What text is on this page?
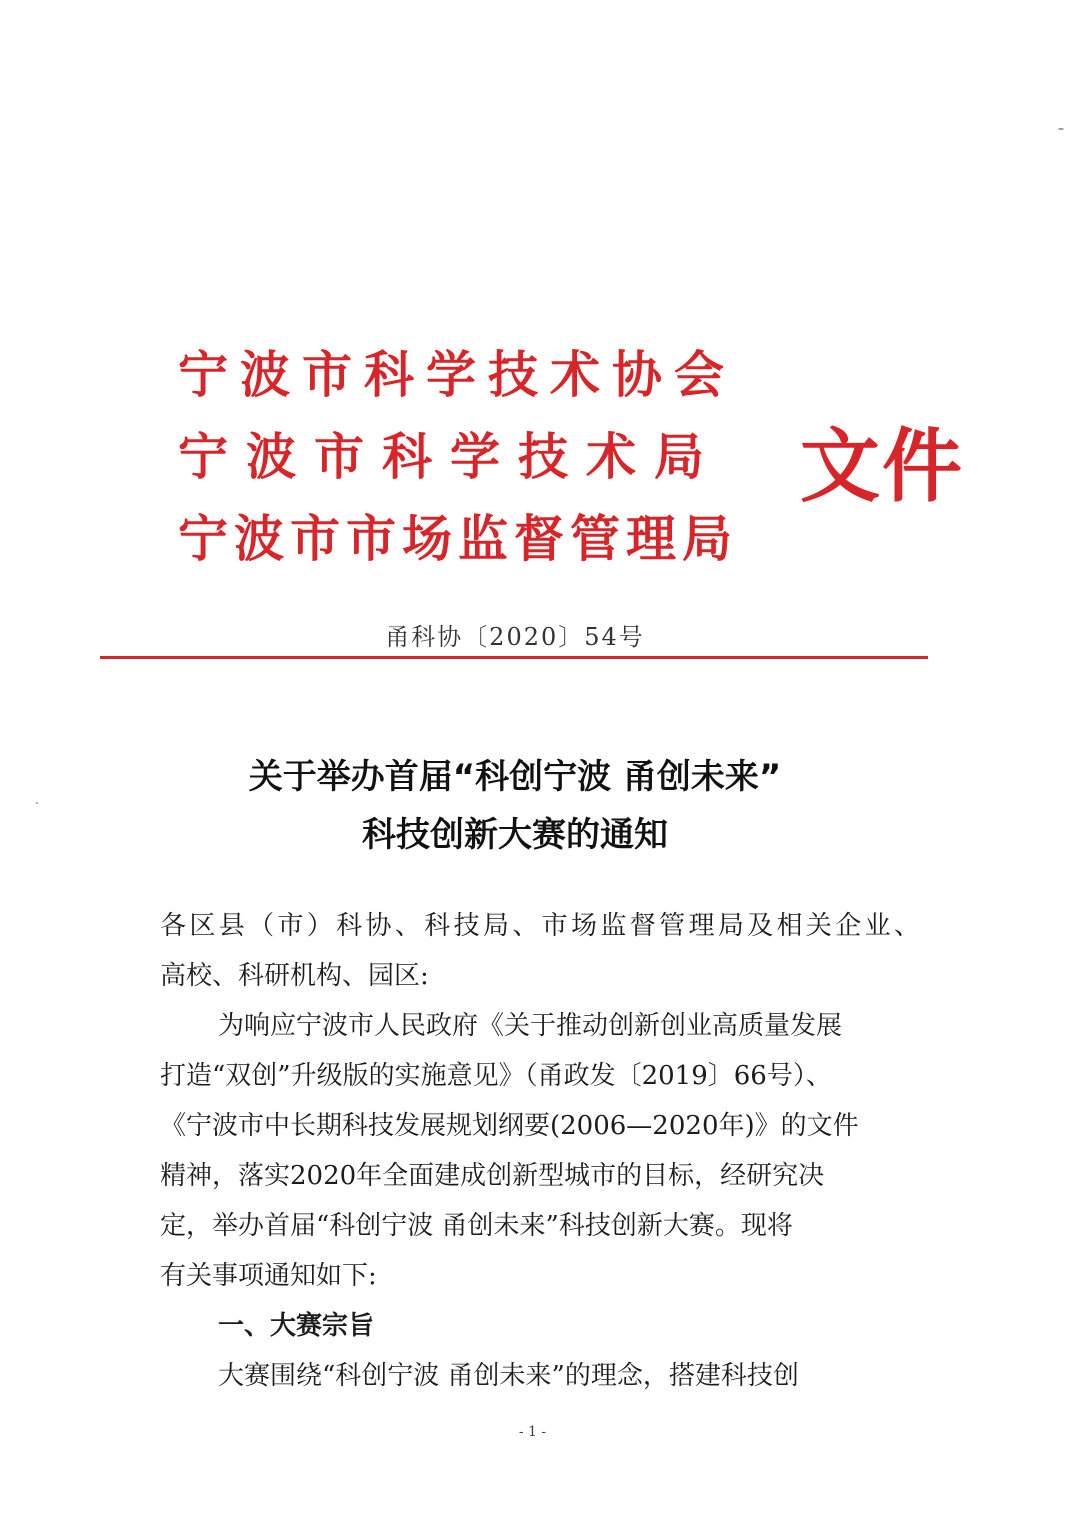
宁波市科学技术协会
宁波市科学技术局
宁波市市场监督管理局
文件
甬科协〔2020〕54号
关于举办首届“科创宁波 甬创未来”
科技创新大赛的通知
各区县（市）科协、科技局、市场监督管理局及相关企业、
高校、科研机构、园区:
为响应宁波市人民政府《关于推动创新创业高质量发展
打造“双创”升级版的实施意见》（甬政发〔2019〕66号）、
《宁波市中长期科技发展规划纲要(2006—2020年)》的文件
精神，落实2020年全面建成创新型城市的目标，经研究决
定，举办首届“科创宁波 甬创未来”科技创新大赛。现将
有关事项通知如下:
一、大赛宗旨
大赛围绕“科创宁波 甬创未来”的理念，搭建科技创
- 1 -
